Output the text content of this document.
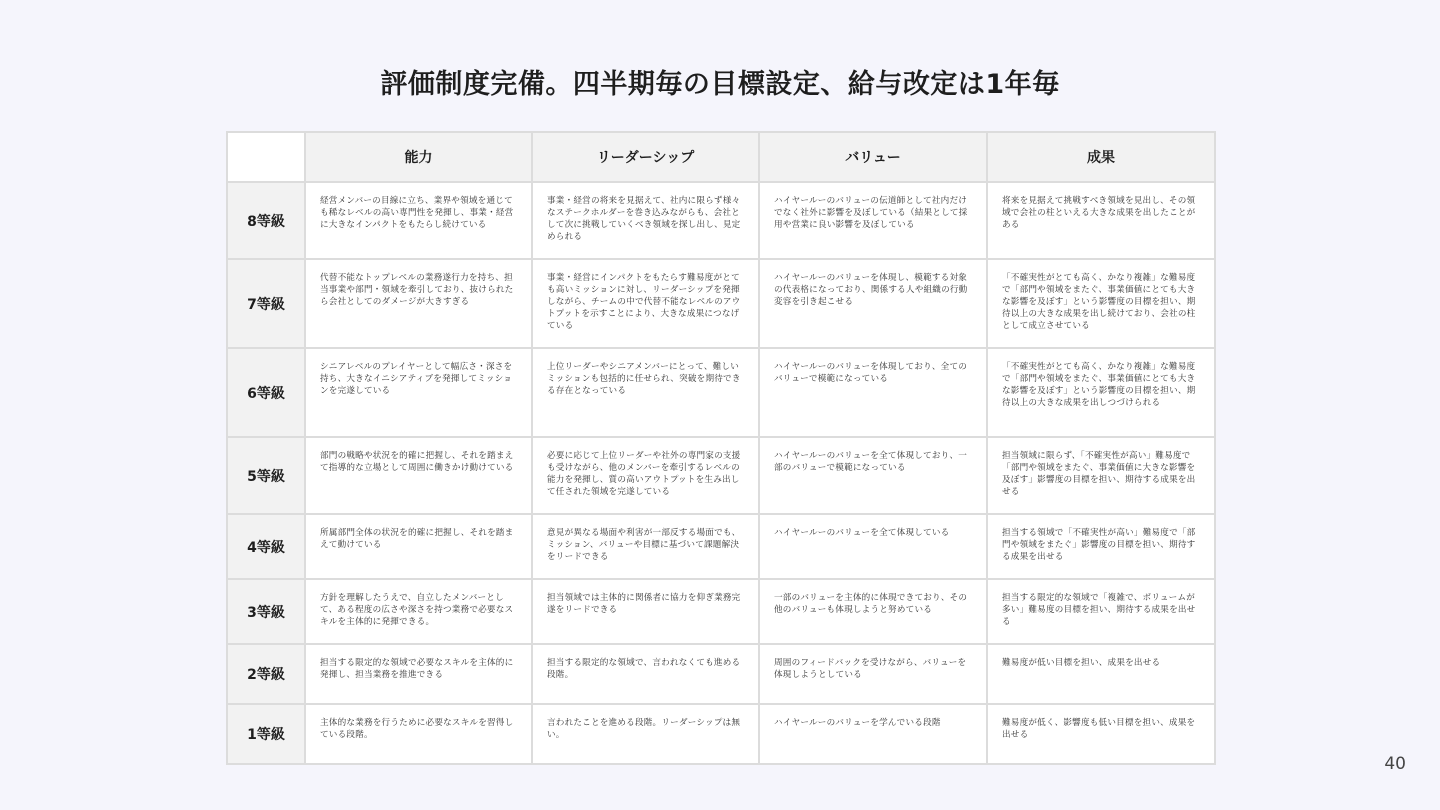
評価制度完備。四半期毎の目標設定、給与改定は1年毎
	能力	リーダーシップ	バリュー	成果
8等級	経営メンバーの目線に立ち、業界や領域を通じても稀なレベルの高い専門性を発揮し、事業・経営に大きなインパクトをもたらし続けている	事業・経営の将来を見据えて、社内に限らず様々なステークホルダーを巻き込みながらも、会社として次に挑戦していくべき領域を探し出し、見定められる	ハイヤールーのバリューの伝道師として社内だけでなく社外に影響を及ぼしている（結果として採用や営業に良い影響を及ぼしている	将来を見据えて挑戦すべき領域を見出し、その領域で会社の柱といえる大きな成果を出したことがある
7等級	代替不能なトップレベルの業務遂行力を持ち、担当事業や部門・領域を牽引しており、抜けられたら会社としてのダメージが大きすぎる	事業・経営にインパクトをもたらす難易度がとても高いミッションに対し、リーダーシップを発揮しながら、チームの中で代替不能なレベルのアウトプットを示すことにより、大きな成果につなげている	ハイヤールーのバリューを体現し、模範する対象の代表格になっており、関係する人や組織の行動変容を引き起こせる	「不確実性がとても高く、かなり複雑」な難易度で「部門や領域をまたぐ、事業価値にとても大きな影響を及ぼす」という影響度の目標を担い、期待以上の大きな成果を出し続けており、会社の柱として成立させている
6等級	シニアレベルのプレイヤーとして幅広さ・深さを持ち、大きなイニシアティブを発揮してミッションを完遂している	上位リーダーやシニアメンバーにとって、難しいミッションも包括的に任せられ、突破を期待できる存在となっている	ハイヤールーのバリューを体現しており、全てのバリューで模範になっている	「不確実性がとても高く、かなり複雑」な難易度で「部門や領域をまたぐ、事業価値にとても大きな影響を及ぼす」という影響度の目標を担い、期待以上の大きな成果を出しつづけられる
5等級	部門の戦略や状況を的確に把握し、それを踏まえて指導的な立場として周囲に働きかけ動けている	必要に応じて上位リーダーや社外の専門家の支援も受けながら、他のメンバーを牽引するレベルの能力を発揮し、質の高いアウトプットを生み出して任された領域を完遂している	ハイヤールーのバリューを全て体現しており、一部のバリューで模範になっている	担当領域に限らず、「不確実性が高い」難易度で「部門や領域をまたぐ、事業価値に大きな影響を及ぼす」影響度の目標を担い、期待する成果を出せる
4等級	所属部門全体の状況を的確に把握し、それを踏まえて動けている	意見が異なる場面や利害が一部反する場面でも、ミッション、バリューや目標に基づいて課題解決をリードできる	ハイヤールーのバリューを全て体現している	担当する領域で「不確実性が高い」難易度で「部門や領域をまたぐ」影響度の目標を担い、期待する成果を出せる
3等級	方針を理解したうえで、自立したメンバーとして、ある程度の広さや深さを持つ業務で必要なスキルを主体的に発揮できる。	担当領域では主体的に関係者に協力を仰ぎ業務完遂をリードできる	一部のバリューを主体的に体現できており、その他のバリューも体現しようと努めている	担当する限定的な領域で「複雑で、ボリュームが多い」難易度の目標を担い、期待する成果を出せる
2等級	担当する限定的な領域で必要なスキルを主体的に発揮し、担当業務を推進できる	担当する限定的な領域で、言われなくても進める段階。	周囲のフィードバックを受けながら、バリューを体現しようとしている	難易度が低い目標を担い、成果を出せる
1等級	主体的な業務を行うために必要なスキルを習得している段階。	言われたことを進める段階。リーダーシップは無い。	ハイヤールーのバリューを学んでいる段階	難易度が低く、影響度も低い目標を担い、成果を出せる
40
